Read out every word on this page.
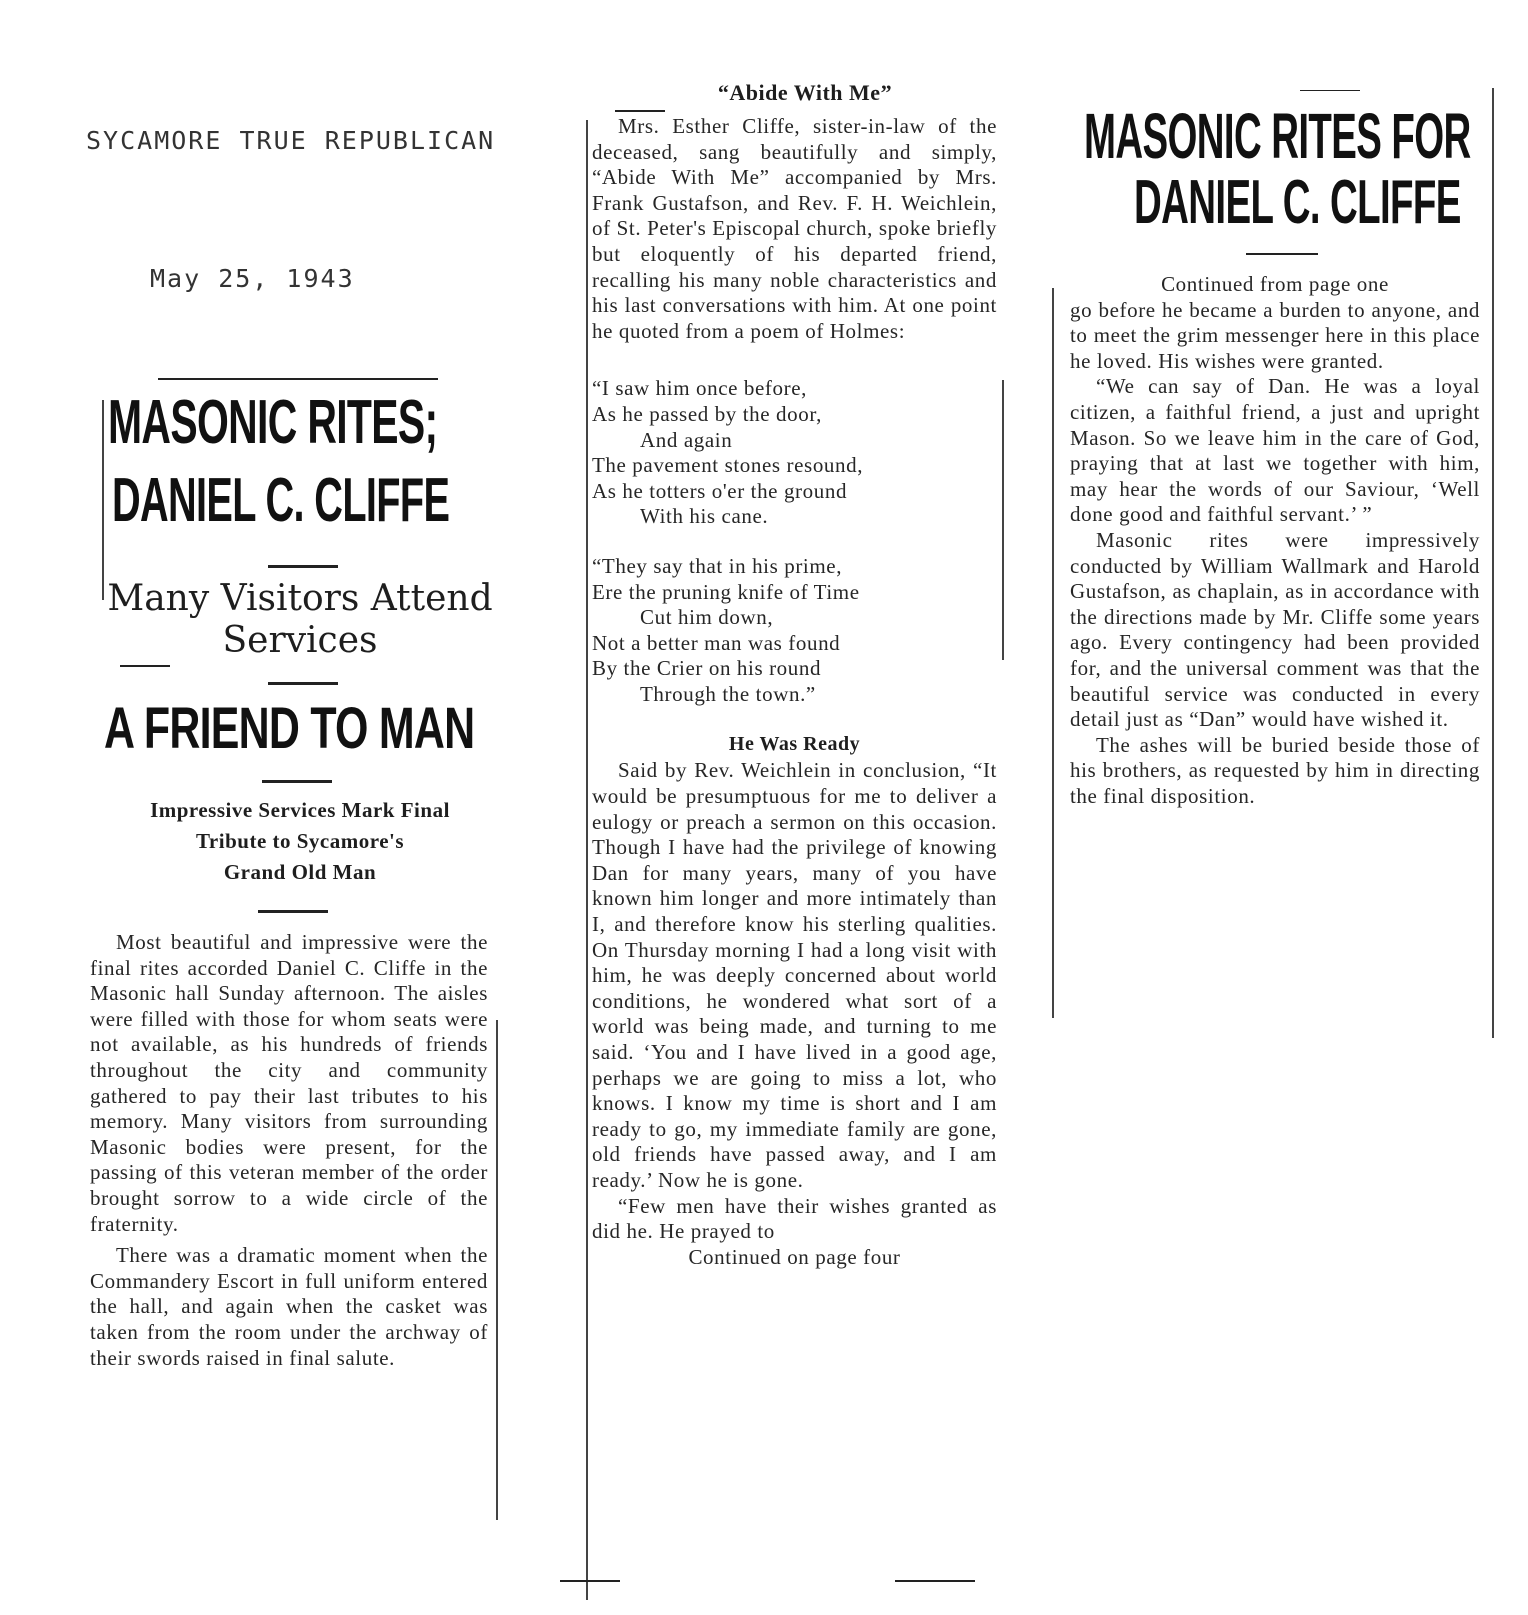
SYCAMORE TRUE REPUBLICAN
May 25, 1943
MASONIC RITES;
DANIEL C. CLIFFE
Many Visitors Attend
Services
A FRIEND TO MAN
Impressive Services Mark Final
Tribute to Sycamore's
Grand Old Man

Most beautiful and impressive were the final rites accorded Daniel C. Cliffe in the Masonic hall Sunday afternoon. The aisles were filled with those for whom seats were not available, as his hundreds of friends throughout the city and community gathered to pay their last tributes to his memory. Many visitors from surrounding Masonic bodies were present, for the passing of this veteran member of the order brought sorrow to a wide circle of the fraternity.

There was a dramatic moment when the Commandery Escort in full uniform entered the hall, and again when the casket was taken from the room under the archway of their swords raised in final salute.

“Abide With Me”

Mrs. Esther Cliffe, sister-in-law of the deceased, sang beautifully and simply, “Abide With Me” accompanied by Mrs. Frank Gustafson, and Rev. F. H. Weichlein, of St. Peter's Episcopal church, spoke briefly but eloquently of his departed friend, recalling his many noble characteristics and his last conversations with him. At one point he quoted from a poem of Holmes:

“I saw him once before,
As he passed by the door,
And again
The pavement stones resound,
As he totters o'er the ground
With his cane.
“They say that in his prime,
Ere the pruning knife of Time
Cut him down,
Not a better man was found
By the Crier on his round
Through the town.”
He Was Ready

Said by Rev. Weichlein in conclusion, “It would be presumptuous for me to deliver a eulogy or preach a sermon on this occasion. Though I have had the privilege of knowing Dan for many years, many of you have known him longer and more intimately than I, and therefore know his sterling qualities. On Thursday morning I had a long visit with him, he was deeply concerned about world conditions, he wondered what sort of a world was being made, and turning to me said. ‘You and I have lived in a good age, perhaps we are going to miss a lot, who knows. I know my time is short and I am ready to go, my immediate family are gone, old friends have passed away, and I am ready.’ Now he is gone.

“Few men have their wishes granted as did he. He prayed to

Continued on page four
MASONIC RITES FOR
DANIEL C. CLIFFE
Continued from page one

go before he became a burden to anyone, and to meet the grim messenger here in this place he loved. His wishes were granted.

“We can say of Dan. He was a loyal citizen, a faithful friend, a just and upright Mason. So we leave him in the care of God, praying that at last we together with him, may hear the words of our Saviour, ‘Well done good and faithful servant.’ ”

Masonic rites were impressively conducted by William Wallmark and Harold Gustafson, as chaplain, as in accordance with the directions made by Mr. Cliffe some years ago. Every contingency had been provided for, and the universal comment was that the beautiful service was conducted in every detail just as “Dan” would have wished it.

The ashes will be buried beside those of his brothers, as requested by him in directing the final disposition.
